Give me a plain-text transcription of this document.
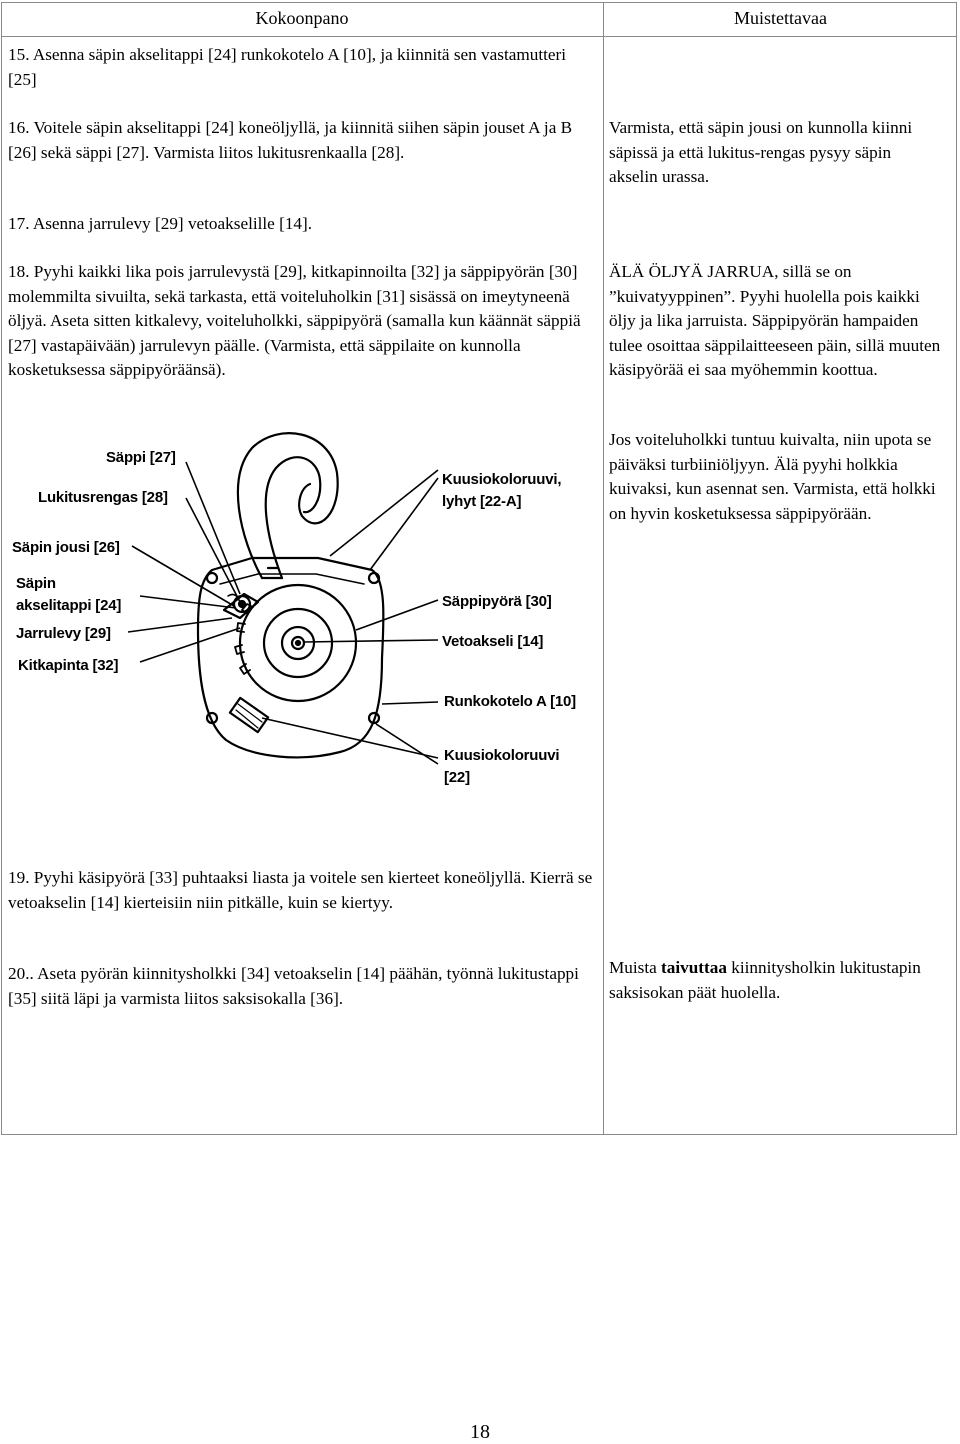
Kokoonpano	Muistettavaa

15. Asenna säpin akselitappi [24] runkokotelo A [10], ja kiinnitä sen vastamutteri [25]

16. Voitele säpin akselitappi [24] koneöljyllä, ja kiinnitä siihen säpin jouset A ja B [26] sekä säppi [27]. Varmista liitos lukitusrenkaalla [28].

17. Asenna jarrulevy [29] vetoakselille [14].

18. Pyyhi kaikki lika pois jarrulevystä [29], kitkapinnoilta [32] ja säppipyörän [30] molemmilta sivuilta, sekä tarkasta, että voiteluholkin [31] sisässä on imeytyneenä öljyä. Aseta sitten kitkalevy, voiteluholkki, säppipyörä (samalla kun käännät säppiä [27] vastapäivään) jarrulevyn päälle. (Varmista, että säppilaite on kunnolla kosketuksessa säppipyöräänsä).

19. Pyyhi käsipyörä [33] puhtaaksi liasta ja voitele sen kierteet koneöljyllä. Kierrä se vetoakselin [14] kierteisiin niin pitkälle, kuin se kiertyy.

20.. Aseta pyörän kiinnitysholkki [34] vetoakselin [14] päähän, työnnä lukitustappi [35] siitä läpi ja varmista liitos saksisokalla [36].

Varmista, että säpin jousi on kunnolla kiinni säpissä ja että lukitus-rengas pysyy säpin akselin urassa.

ÄLÄ ÖLJYÄ JARRUA, sillä se on ”kuivatyyppinen”. Pyyhi huolella pois kaikki öljy ja lika jarruista. Säppipyörän hampaiden tulee osoittaa säppilaitteeseen päin, sillä muuten käsipyörää ei saa myöhemmin koottua.

Jos voiteluholkki tuntuu kuivalta, niin upota se päiväksi turbiiniöljyyn. Älä pyyhi holkkia kuivaksi, kun asennat sen. Varmista, että holkki on hyvin kosketuksessa säppipyörään.

Muista taivuttaa kiinnitysholkin lukitustapin saksisokan päät huolella.

Säppi [27]
Lukitusrengas [28]
Säpin jousi [26]
Säpin
akselitappi [24]
Jarrulevy [29]
Kitkapinta [32]
Kuusiokoloruuvi,
lyhyt [22-A]
Säppipyörä [30]
Vetoakseli [14]
Runkokotelo A [10]
Kuusiokoloruuvi
[22]
18
